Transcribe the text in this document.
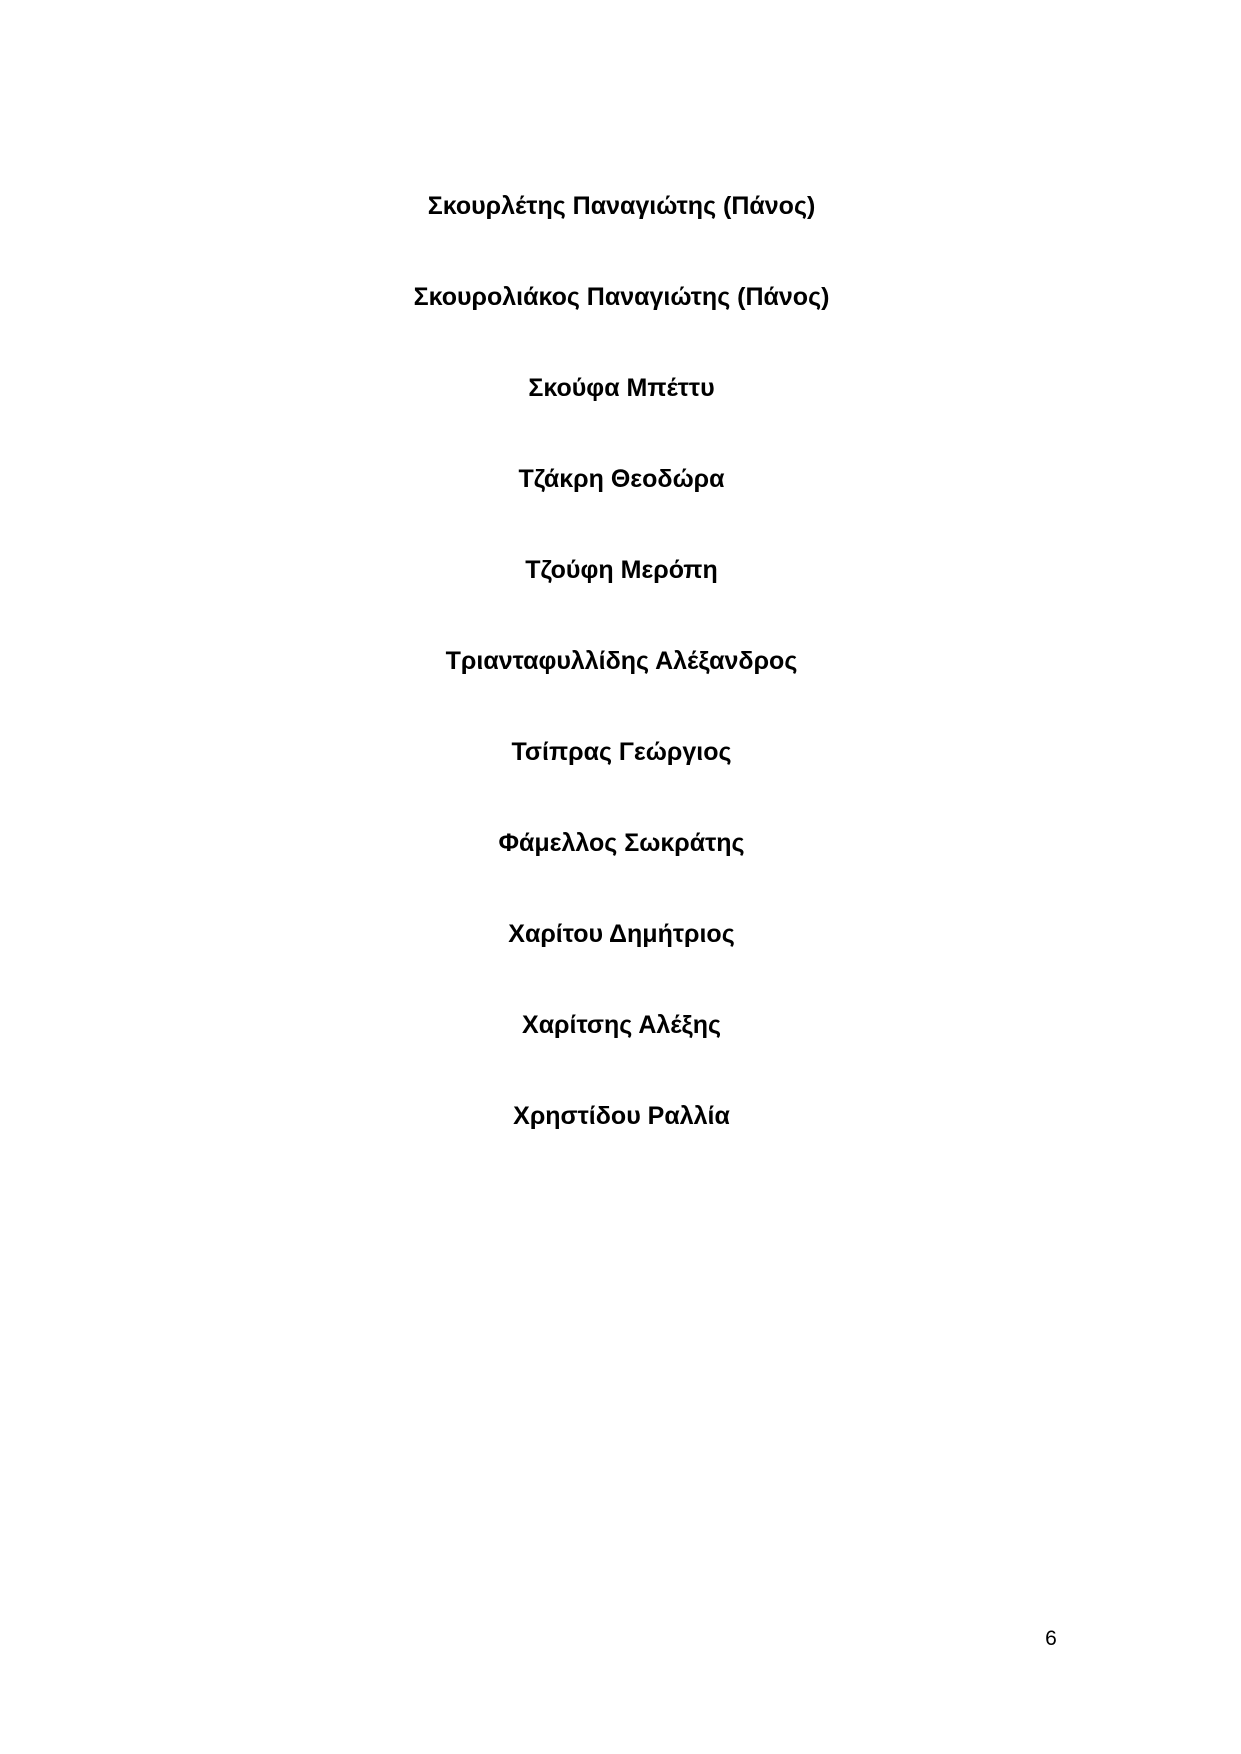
Σκουρλέτης Παναγιώτης (Πάνος)
Σκουρολιάκος Παναγιώτης (Πάνος)
Σκούφα Μπέττυ
Τζάκρη Θεοδώρα
Τζούφη Μερόπη
Τριανταφυλλίδης Αλέξανδρος
Τσίπρας Γεώργιος
Φάμελλος Σωκράτης
Χαρίτου Δημήτριος
Χαρίτσης Αλέξης
Χρηστίδου Ραλλία
6
